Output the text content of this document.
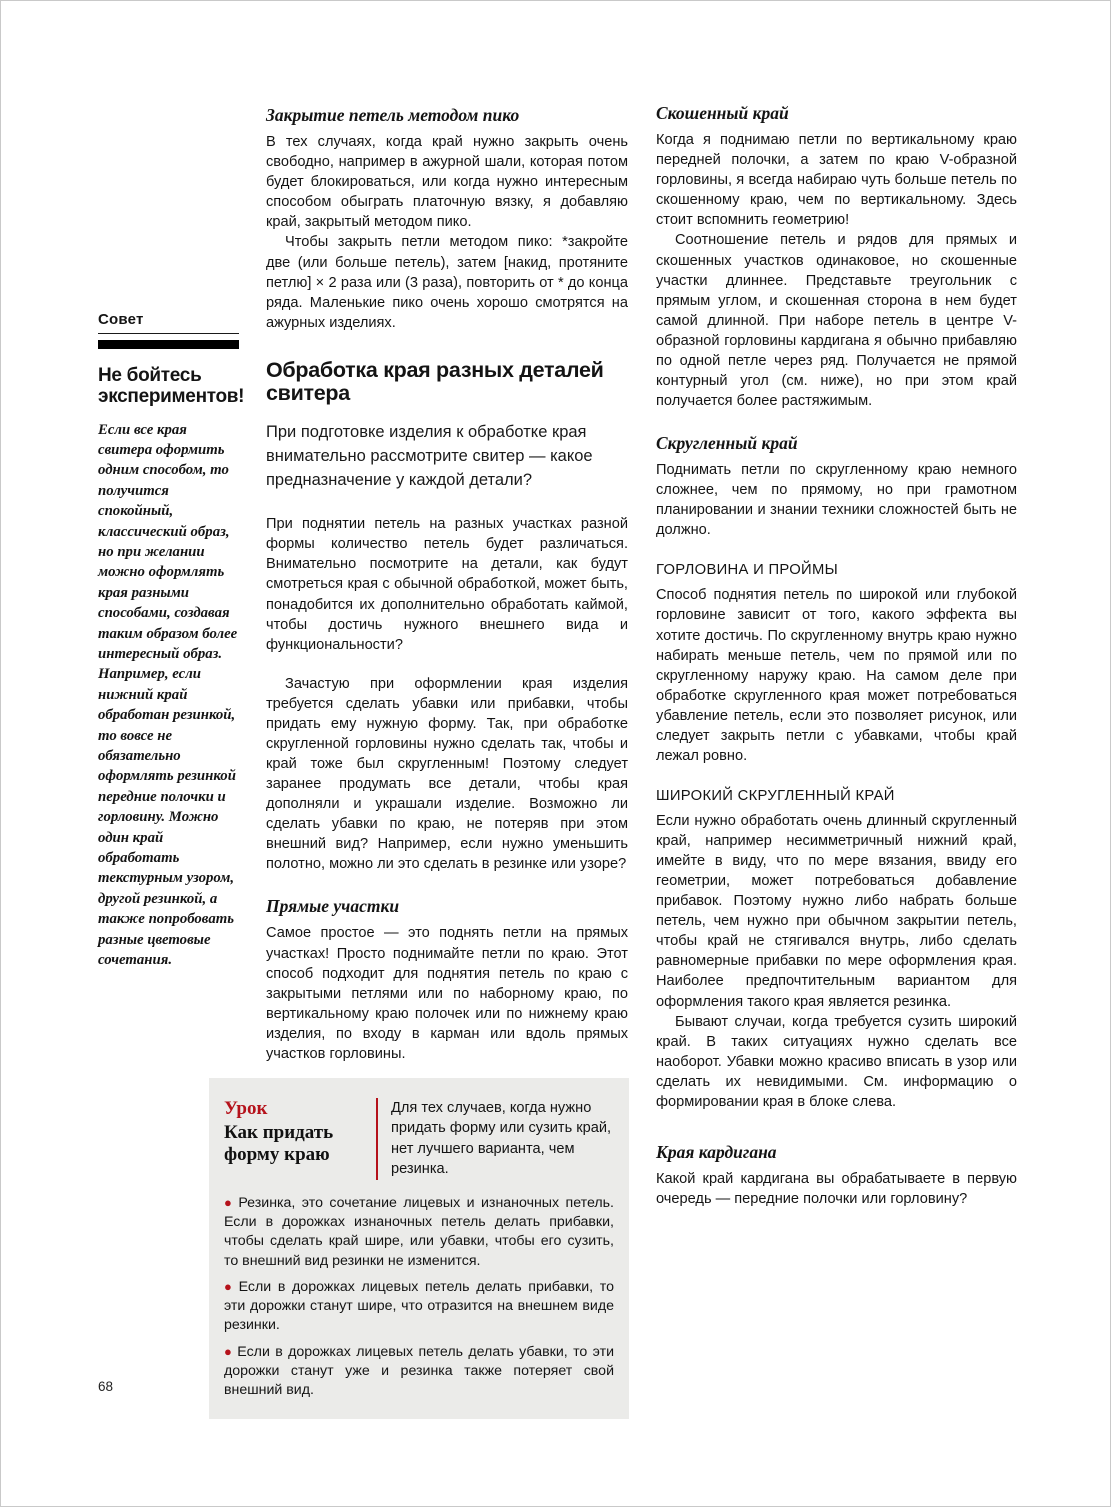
Совет
Не бойтесь экспериментов!

Если все края свитера оформить одним способом, то получится спокойный, классический образ, но при желании можно оформлять края разными способами, создавая таким образом более интересный образ. Например, если нижний край обработан резинкой, то вовсе не обязательно оформлять резинкой передние полочки и горловину. Можно один край обработать текстурным узором, другой резинкой, а также попробовать разные цветовые сочетания.

Закрытие петель методом пико

В тех случаях, когда край нужно закрыть очень свободно, например в ажурной шали, которая потом будет блокироваться, или когда нужно интересным способом обыграть платочную вязку, я добавляю край, закрытый методом пико.

Чтобы закрыть петли методом пико: *закройте две (или больше петель), затем [накид, протяните петлю] × 2 раза или (3 раза), повторить от * до конца ряда. Маленькие пико очень хорошо смотрятся на ажурных изделиях.

Обработка края разных деталей свитера

При подготовке изделия к обработке края внимательно рассмотрите свитер — какое предназначение у каждой детали?

При поднятии петель на разных участках разной формы количество петель будет различаться. Внимательно посмотрите на детали, как будут смотреться края с обычной обработкой, может быть, понадобится их дополнительно обработать каймой, чтобы достичь нужного внешнего вида и функциональности?

Зачастую при оформлении края изделия требуется сделать убавки или прибавки, чтобы придать ему нужную форму. Так, при обработке скругленной горловины нужно сделать так, чтобы и край тоже был скругленным! Поэтому следует заранее продумать все детали, чтобы края дополняли и украшали изделие. Возможно ли сделать убавки по краю, не потеряв при этом внешний вид? Например, если нужно уменьшить полотно, можно ли это сделать в резинке или узоре?

Прямые участки

Самое простое — это поднять петли на прямых участках! Просто поднимайте петли по краю. Этот способ подходит для поднятия петель по краю с закрытыми петлями или по наборному краю, по вертикальному краю полочек или по нижнему краю изделия, по входу в карман или вдоль прямых участков горловины.

Урок
Как придать форму краю
Для тех случаев, когда нужно придать форму или сузить край, нет лучшего варианта, чем резинка.
● Резинка, это сочетание лицевых и изнаночных петель. Если в дорожках изнаночных петель делать прибавки, чтобы сделать край шире, или убавки, чтобы его сузить, то внешний вид резинки не изменится.
● Если в дорожках лицевых петель делать прибавки, то эти дорожки станут шире, что отразится на внешнем виде резинки.
● Если в дорожках лицевых петель делать убавки, то эти дорожки станут уже и резинка также потеряет свой внешний вид.
Скошенный край

Когда я поднимаю петли по вертикальному краю передней полочки, а затем по краю V-образной горловины, я всегда набираю чуть больше петель по скошенному краю, чем по вертикальному. Здесь стоит вспомнить геометрию!

Соотношение петель и рядов для прямых и скошенных участков одинаковое, но скошенные участки длиннее. Представьте треугольник с прямым углом, и скошенная сторона в нем будет самой длинной. При наборе петель в центре V-образной горловины кардигана я обычно прибавляю по одной петле через ряд. Получается не прямой контурный угол (см. ниже), но при этом край получается более растяжимым.

Скругленный край

Поднимать петли по скругленному краю немного сложнее, чем по прямому, но при грамотном планировании и знании техники сложностей быть не должно.

ГОРЛОВИНА И ПРОЙМЫ

Способ поднятия петель по широкой или глубокой горловине зависит от того, какого эффекта вы хотите достичь. По скругленному внутрь краю нужно набирать меньше петель, чем по прямой или по скругленному наружу краю. На самом деле при обработке скругленного края может потребоваться убавление петель, если это позволяет рисунок, или следует закрыть петли с убавками, чтобы край лежал ровно.

ШИРОКИЙ СКРУГЛЕННЫЙ КРАЙ

Если нужно обработать очень длинный скругленный край, например несимметричный нижний край, имейте в виду, что по мере вязания, ввиду его геометрии, может потребоваться добавление прибавок. Поэтому нужно либо набрать больше петель, чем нужно при обычном закрытии петель, чтобы край не стягивался внутрь, либо сделать равномерные прибавки по мере оформления края. Наиболее предпочтительным вариантом для оформления такого края является резинка.

Бывают случаи, когда требуется сузить широкий край. В таких ситуациях нужно сделать все наоборот. Убавки можно красиво вписать в узор или сделать их невидимыми. См. информацию о формировании края в блоке слева.

Края кардигана

Какой край кардигана вы обрабатываете в первую очередь — передние полочки или горловину?

68
